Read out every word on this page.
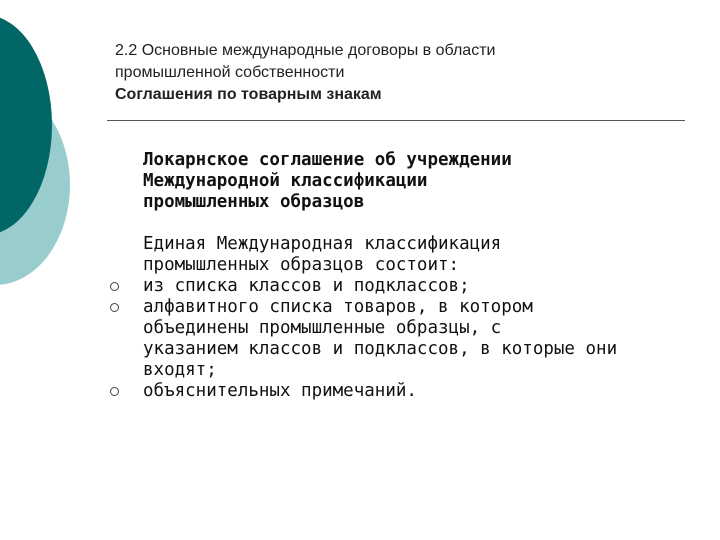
2.2 Основные международные договоры в области
промышленной собственности
Соглашения по товарным знакам
Локарнское соглашение об учреждении
Международной классификации
промышленных образцов
Единая Международная классификация
промышленных образцов состоит:
из списка классов и подклассов;
алфавитного списка товаров, в котором
объединены промышленные образцы, с
указанием классов и подклассов, в которые они
входят;
объяснительных примечаний.
